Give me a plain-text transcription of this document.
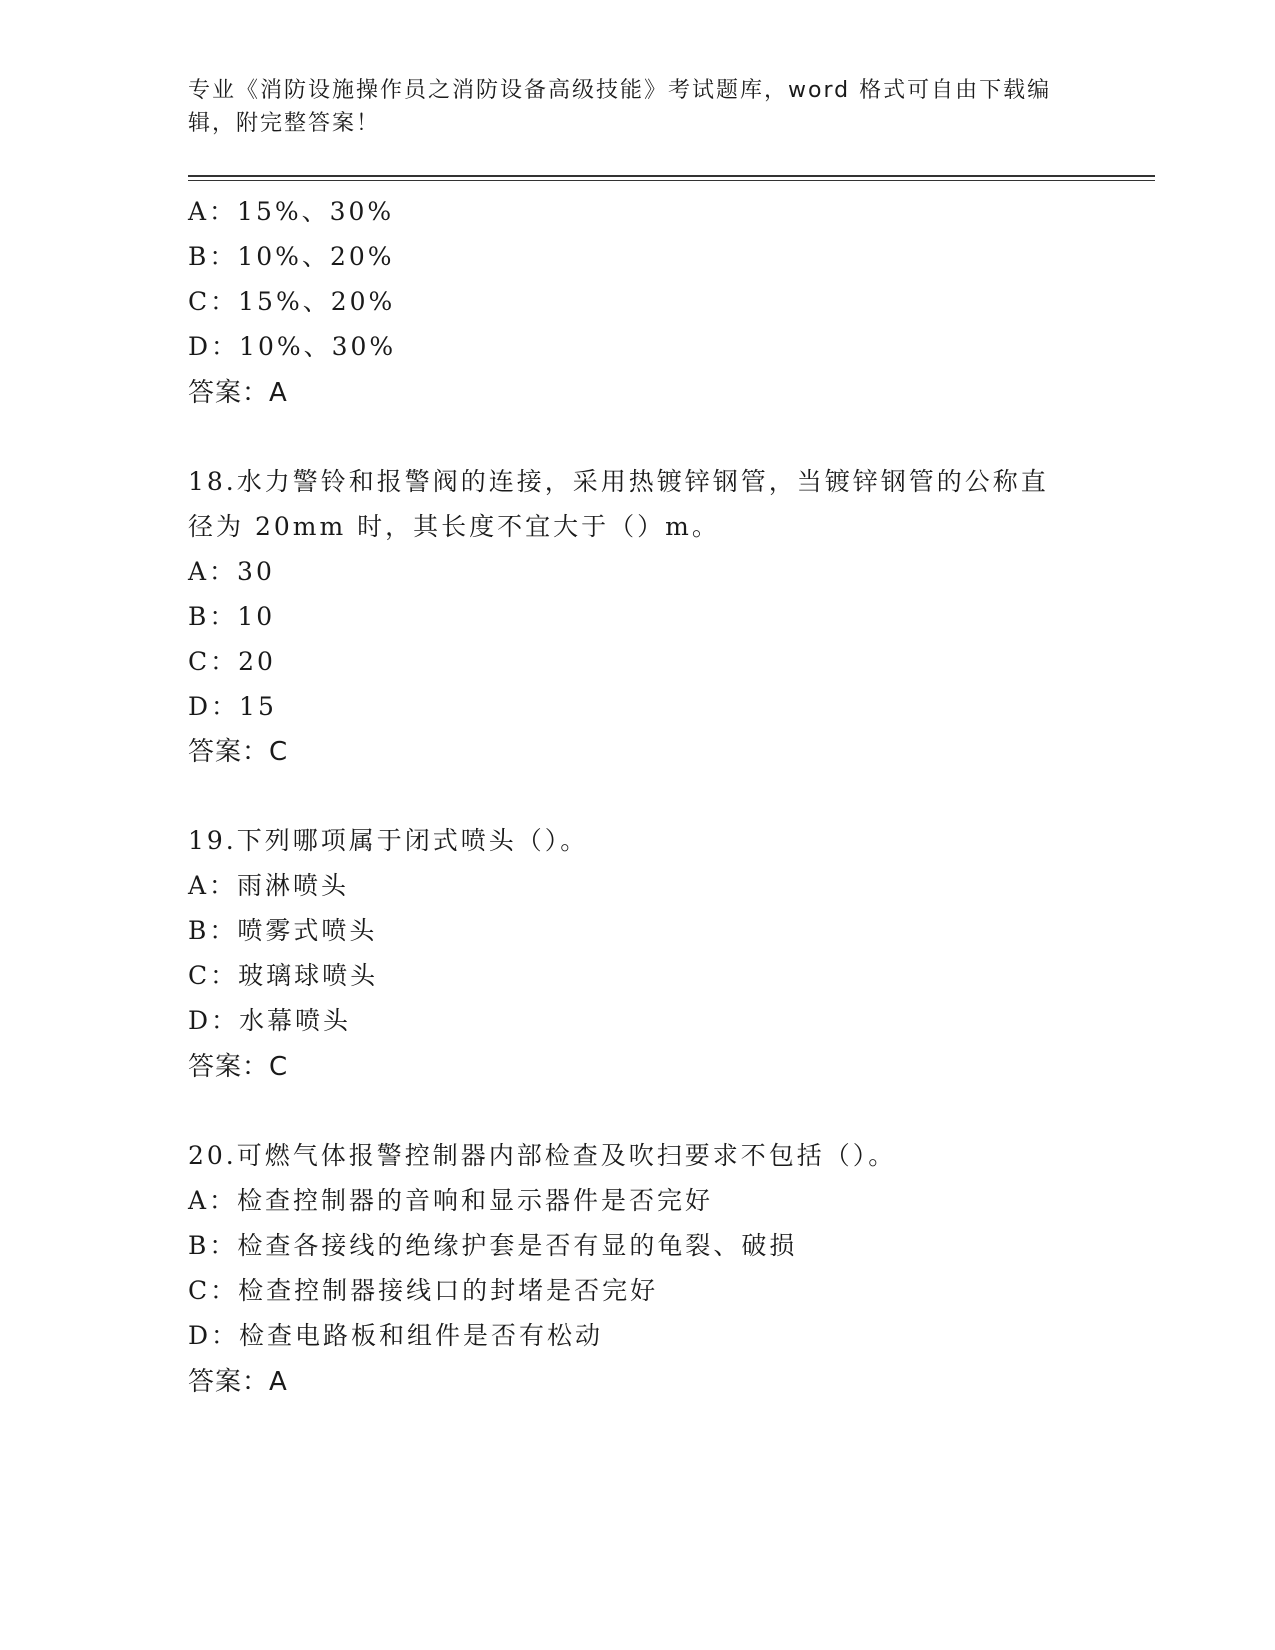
专业《消防设施操作员之消防设备高级技能》考试题库，word 格式可自由下载编辑，附完整答案！
A：15%、30%
B：10%、20%
C：15%、20%
D：10%、30%
答案：A
18.水力警铃和报警阀的连接，采用热镀锌钢管，当镀锌钢管的公称直
径为 20mm 时，其长度不宜大于（）m。
A：30
B：10
C：20
D：15
答案：C
19.下列哪项属于闭式喷头（）。
A：雨淋喷头
B：喷雾式喷头
C：玻璃球喷头
D：水幕喷头
答案：C
20.可燃气体报警控制器内部检查及吹扫要求不包括（）。
A：检查控制器的音响和显示器件是否完好
B：检查各接线的绝缘护套是否有显的龟裂、破损
C：检查控制器接线口的封堵是否完好
D：检查电路板和组件是否有松动
答案：A
